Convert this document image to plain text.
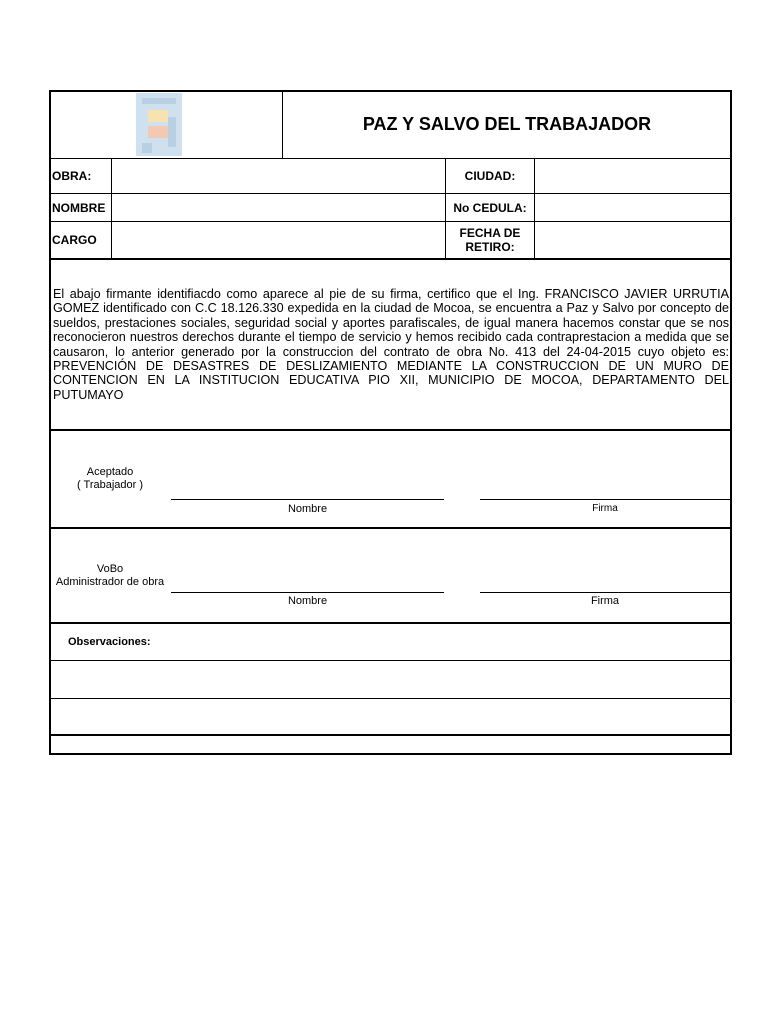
PAZ Y SALVO DEL TRABAJADOR
OBRA:	CIUDAD:
NOMBRE	No CEDULA:
CARGO	FECHA DE
RETIRO:
El abajo firmante identifiacdo como aparece al pie de su firma, certifico que el Ing. FRANCISCO JAVIER URRUTIA GOMEZ identificado con C.C 18.126.330 expedida en la ciudad de Mocoa, se encuentra a Paz y Salvo por concepto de sueldos, prestaciones sociales, seguridad social y aportes parafiscales, de igual manera hacemos constar que se nos reconocieron nuestros derechos durante el tiempo de servicio y hemos recibido cada contraprestacion a medida que se causaron, lo anterior generado por la construccion del contrato de obra No. 413 del 24-04-2015 cuyo objeto es: PREVENCIÓN DE DESASTRES DE DESLIZAMIENTO MEDIANTE LA CONSTRUCCION DE UN MURO DE CONTENCION EN LA INSTITUCION EDUCATIVA PIO XII, MUNICIPIO DE MOCOA, DEPARTAMENTO DEL PUTUMAYO
Aceptado
( Trabajador )
Nombre	Firma
VoBo
Administrador de obra
Nombre	Firma
Observaciones:
